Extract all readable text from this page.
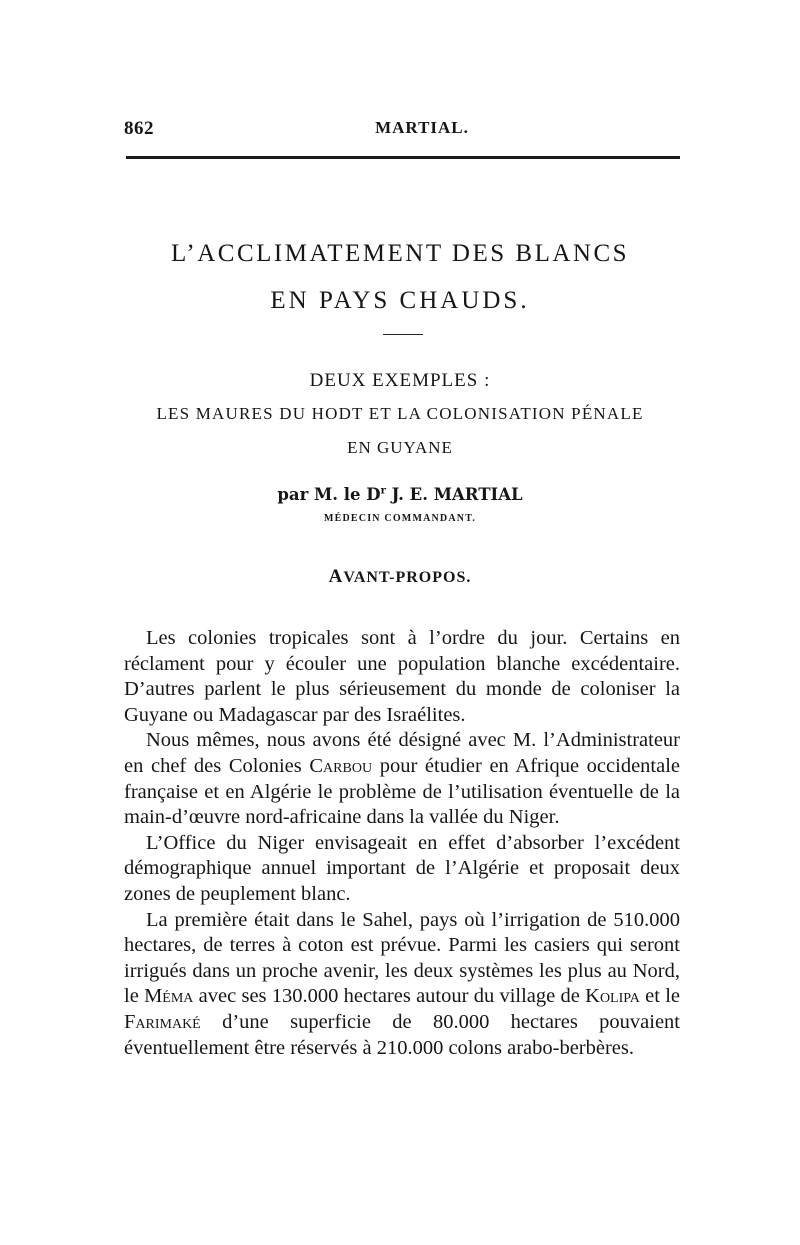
862	MARTIAL.
L’ACCLIMATEMENT DES BLANCS
EN PAYS CHAUDS.
DEUX EXEMPLES :
LES MAURES DU HODT ET LA COLONISATION PÉNALE
EN GUYANE
par M. le $D^r$ J. E. MARTIAL
MÉDECIN COMMANDANT.
AVANT-PROPOS.

Les colonies tropicales sont à l’ordre du jour. Certains en réclament pour y écouler une population blanche excédentaire. D’autres parlent le plus sérieusement du monde de coloniser la Guyane ou Madagascar par des Israélites.

Nous mêmes, nous avons été désigné avec M. l’Administrateur en chef des Colonies Carbou pour étudier en Afrique occidentale française et en Algérie le problème de l’utilisation éventuelle de la main-d’œuvre nord-africaine dans la vallée du Niger.

L’Office du Niger envisageait en effet d’absorber l’excédent démographique annuel important de l’Algérie et proposait deux zones de peuplement blanc.

La première était dans le Sahel, pays où l’irrigation de 510.000 hectares, de terres à coton est prévue. Parmi les casiers qui seront irrigués dans un proche avenir, les deux systèmes les plus au Nord, le Méma avec ses 130.000 hectares autour du village de Kolipa et le Farimaké d’une superficie de 80.000 hectares pouvaient éventuellement être réservés à 210.000 colons arabo-berbères.
